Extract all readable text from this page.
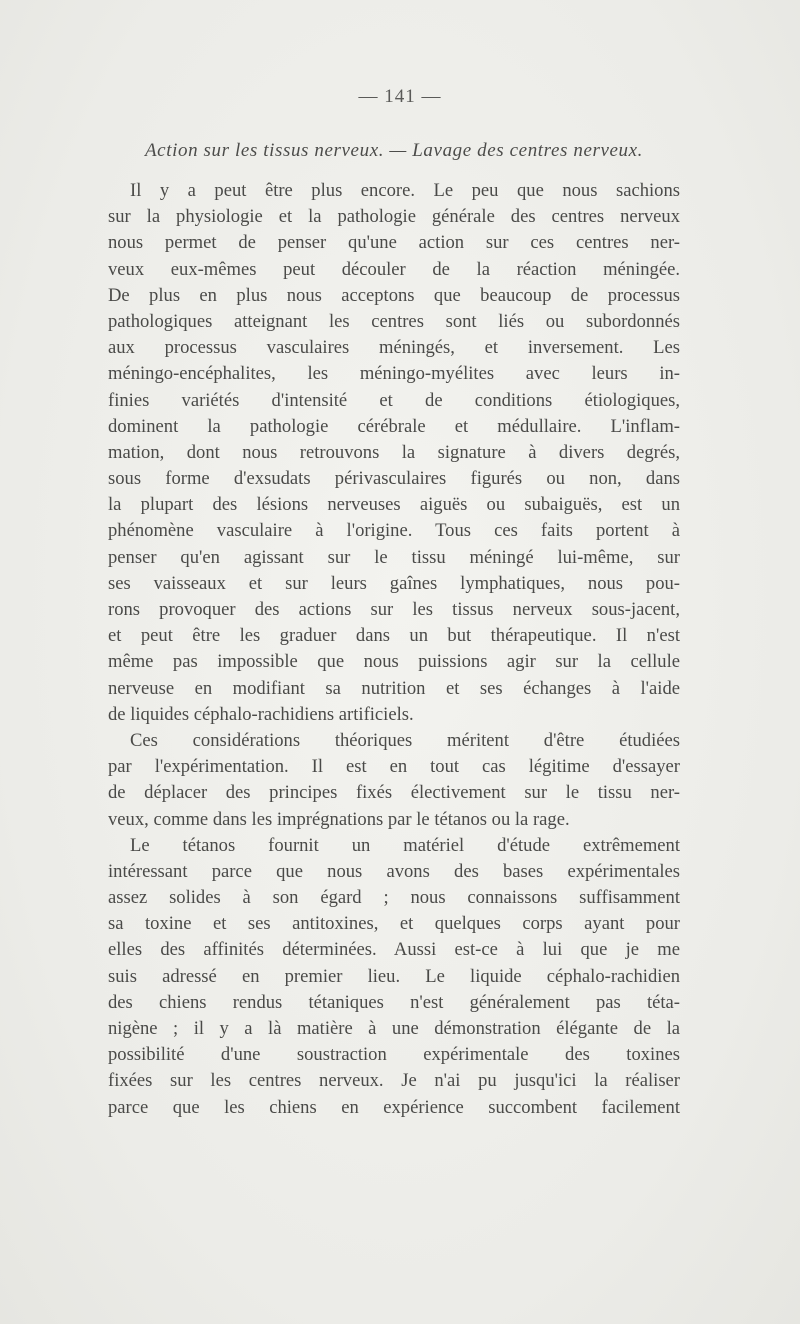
— 141 —
Action sur les tissus nerveux. — Lavage des centres nerveux.
Il y a peut être plus encore. Le peu que nous sachions
sur la physiologie et la pathologie générale des centres nerveux
nous permet de penser qu'une action sur ces centres ner-
veux eux-mêmes peut découler de la réaction méningée.
De plus en plus nous acceptons que beaucoup de processus
pathologiques atteignant les centres sont liés ou subordonnés
aux processus vasculaires méningés, et inversement. Les
méningo-encéphalites, les méningo-myélites avec leurs in-
finies variétés d'intensité et de conditions étiologiques,
dominent la pathologie cérébrale et médullaire. L'inflam-
mation, dont nous retrouvons la signature à divers degrés,
sous forme d'exsudats périvasculaires figurés ou non, dans
la plupart des lésions nerveuses aiguës ou subaiguës, est un
phénomène vasculaire à l'origine. Tous ces faits portent à
penser qu'en agissant sur le tissu méningé lui-même, sur
ses vaisseaux et sur leurs gaînes lymphatiques, nous pou-
rons provoquer des actions sur les tissus nerveux sous-jacent,
et peut être les graduer dans un but thérapeutique. Il n'est
même pas impossible que nous puissions agir sur la cellule
nerveuse en modifiant sa nutrition et ses échanges à l'aide
de liquides céphalo-rachidiens artificiels.
Ces considérations théoriques méritent d'être étudiées
par l'expérimentation. Il est en tout cas légitime d'essayer
de déplacer des principes fixés électivement sur le tissu ner-
veux, comme dans les imprégnations par le tétanos ou la rage.
Le tétanos fournit un matériel d'étude extrêmement
intéressant parce que nous avons des bases expérimentales
assez solides à son égard ; nous connaissons suffisamment
sa toxine et ses antitoxines, et quelques corps ayant pour
elles des affinités déterminées. Aussi est-ce à lui que je me
suis adressé en premier lieu. Le liquide céphalo-rachidien
des chiens rendus tétaniques n'est généralement pas téta-
nigène ; il y a là matière à une démonstration élégante de la
possibilité d'une soustraction expérimentale des toxines
fixées sur les centres nerveux. Je n'ai pu jusqu'ici la réaliser
parce que les chiens en expérience succombent facilement
